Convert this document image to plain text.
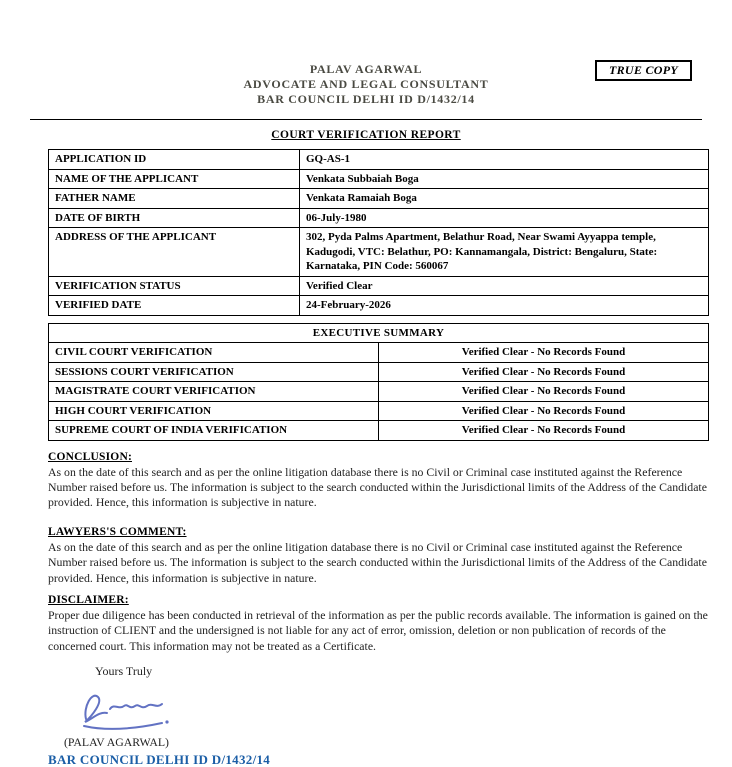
TRUE COPY
PALAV AGARWAL
ADVOCATE AND LEGAL CONSULTANT
BAR COUNCIL DELHI ID D/1432/14
COURT VERIFICATION REPORT
APPLICATION ID	GQ-AS-1
NAME OF THE APPLICANT	Venkata Subbaiah Boga
FATHER NAME	Venkata Ramaiah Boga
DATE OF BIRTH	06-July-1980
ADDRESS OF THE APPLICANT	302, Pyda Palms Apartment, Belathur Road, Near Swami Ayyappa temple, Kadugodi, VTC: Belathur, PO: Kannamangala, District: Bengaluru, State: Karnataka, PIN Code: 560067
VERIFICATION STATUS	Verified Clear
VERIFIED DATE	24-February-2026
EXECUTIVE SUMMARY	
CIVIL COURT VERIFICATION	Verified Clear - No Records Found
SESSIONS COURT VERIFICATION	Verified Clear - No Records Found
MAGISTRATE COURT VERIFICATION	Verified Clear - No Records Found
HIGH COURT VERIFICATION	Verified Clear - No Records Found
SUPREME COURT OF INDIA VERIFICATION	Verified Clear - No Records Found
CONCLUSION:
As on the date of this search and as per the online litigation database there is no Civil or Criminal case instituted against the Reference Number raised before us. The information is subject to the search conducted within the Jurisdictional limits of the Address of the Candidate provided. Hence, this information is subjective in nature.
LAWYERS'S COMMENT:
As on the date of this search and as per the online litigation database there is no Civil or Criminal case instituted against the Reference Number raised before us. The information is subject to the search conducted within the Jurisdictional limits of the Address of the Candidate provided. Hence, this information is subjective in nature.
DISCLAIMER:
Proper due diligence has been conducted in retrieval of the information as per the public records available. The information is gained on the instruction of CLIENT and the undersigned is not liable for any act of error, omission, deletion or non publication of records of the concerned court. This information may not be treated as a Certificate.
Yours Truly
(PALAV AGARWAL)
BAR COUNCIL DELHI ID D/1432/14
